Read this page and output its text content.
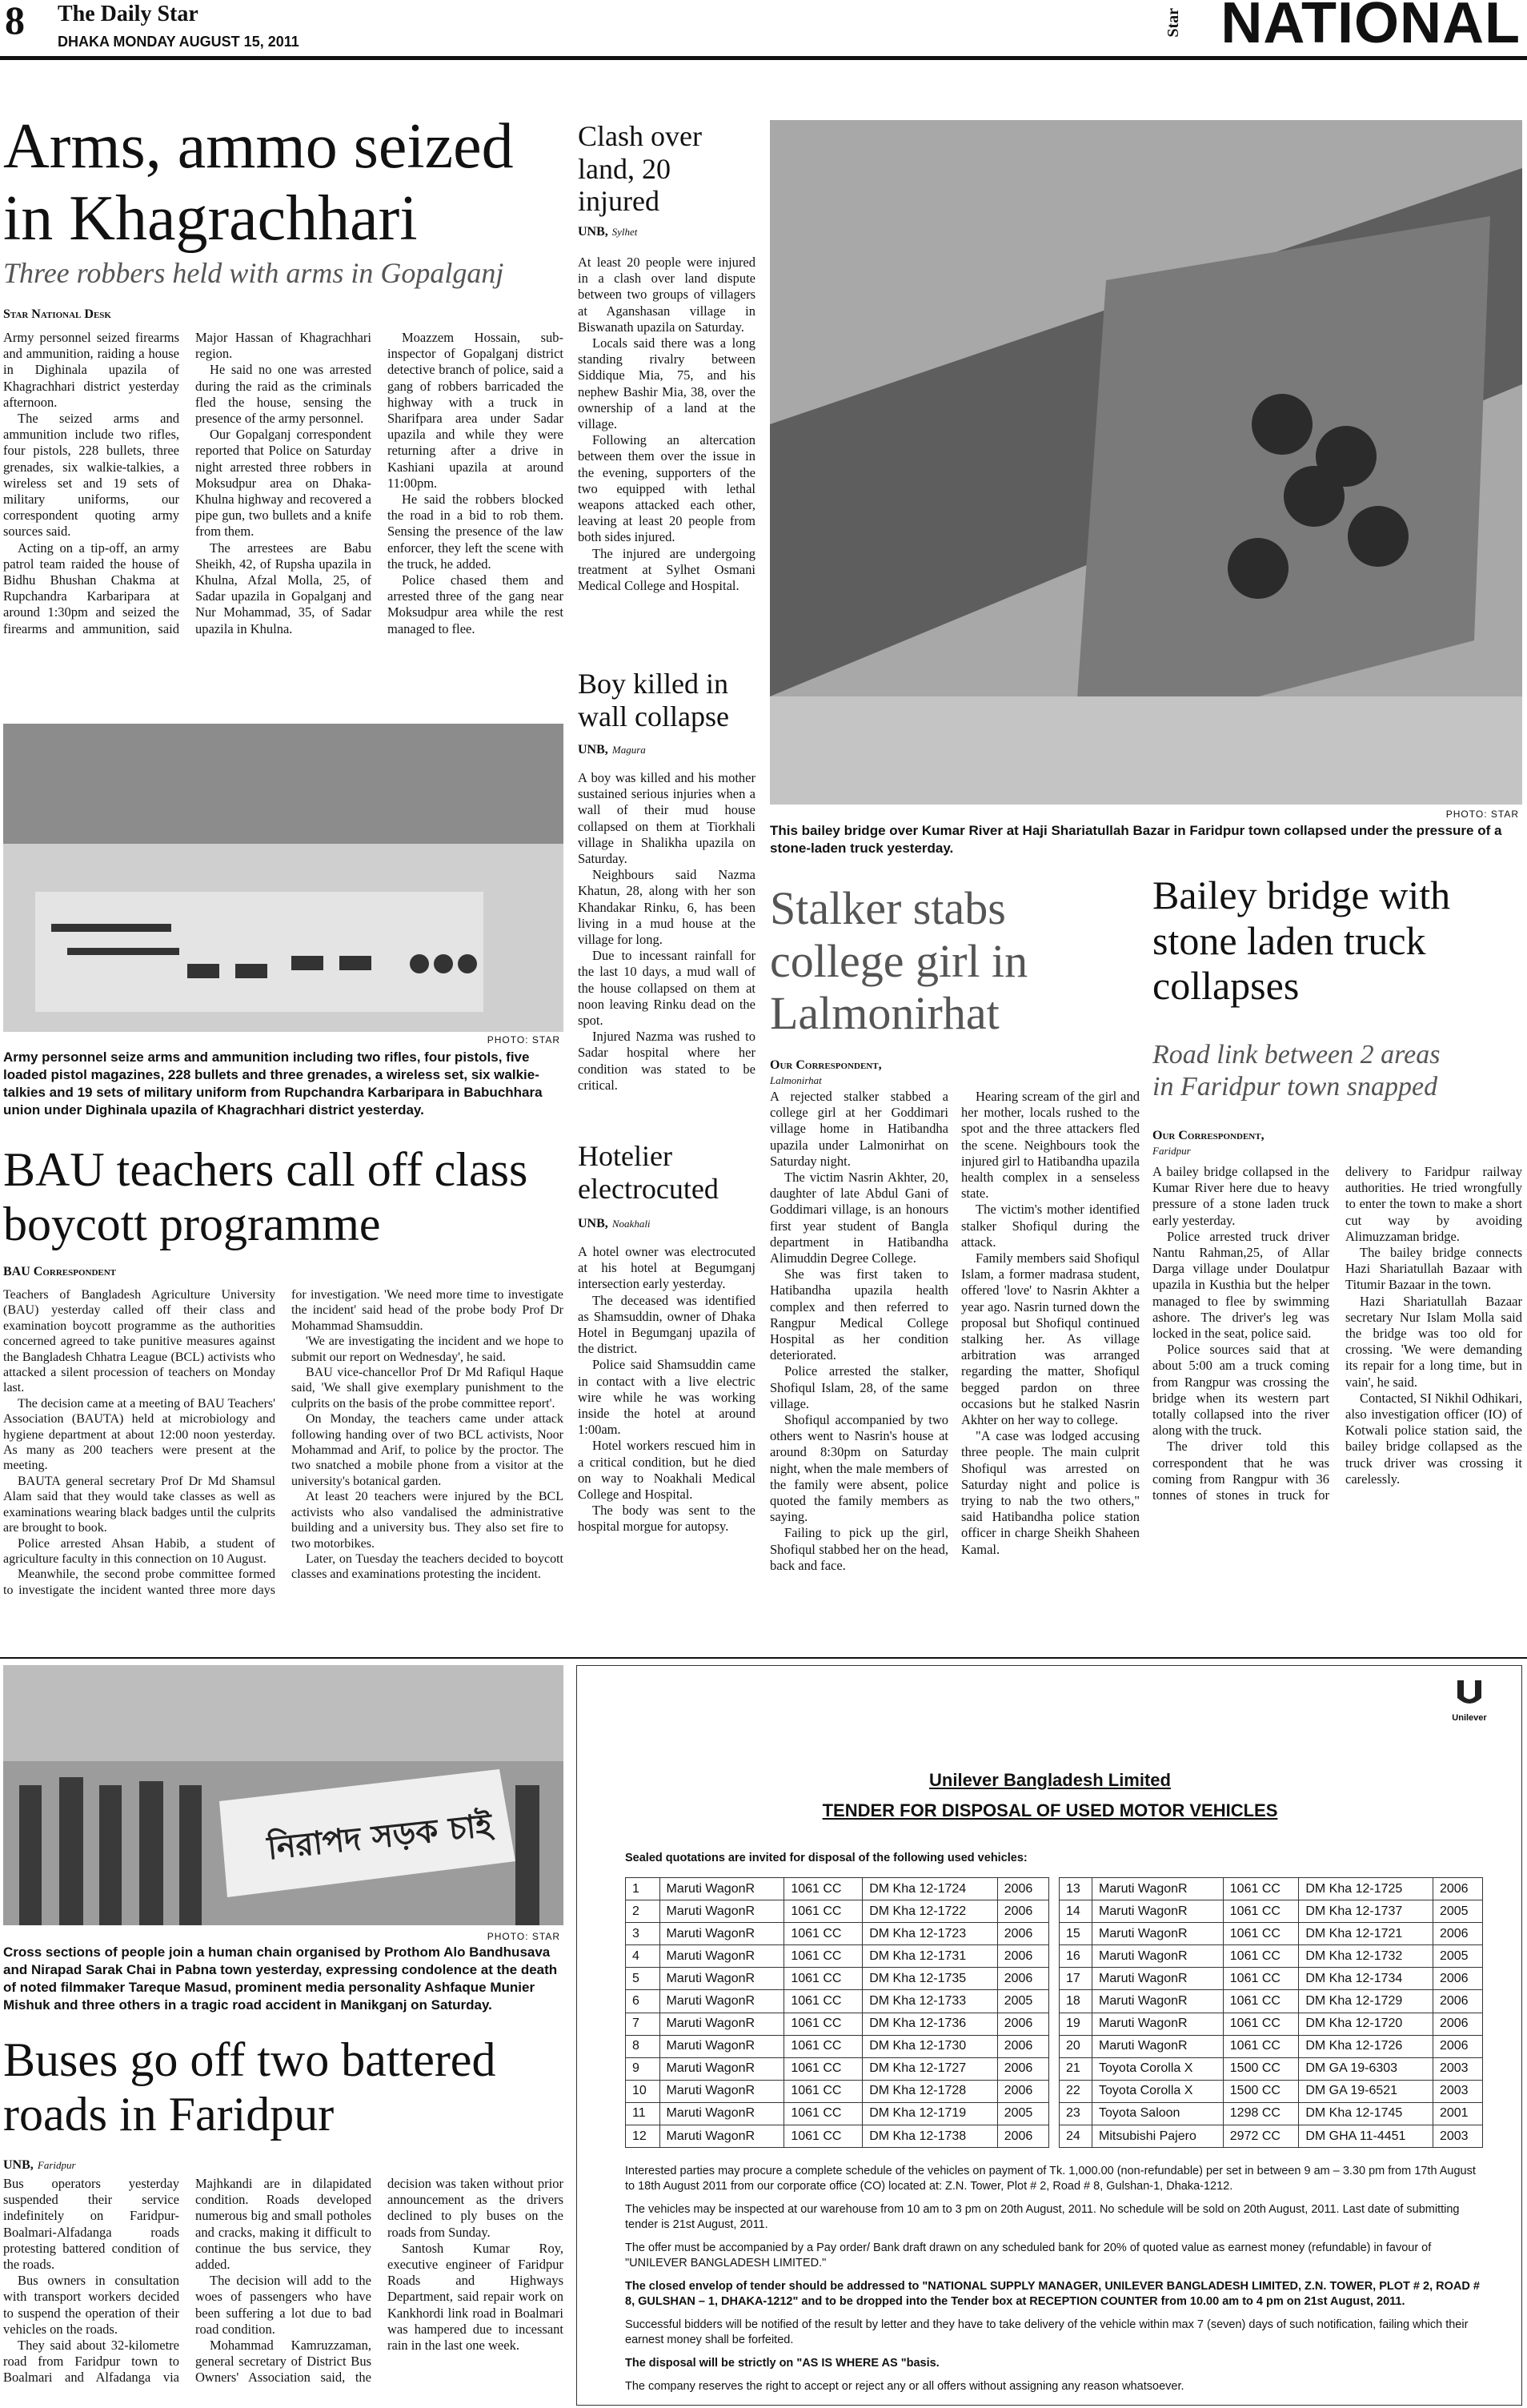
8 The Daily Star
DHAKA MONDAY AUGUST 15, 2011
Star NATIONAL
Arms, ammo seized
in Khagrachhari
Three robbers held with arms in Gopalganj
Star National Desk

Army personnel seized firearms and ammunition, raiding a house in Dighinala upazila of Khagrachhari district yesterday afternoon.

The seized arms and ammunition include two rifles, four pistols, 228 bullets, three grenades, six walkie-talkies, a wireless set and 19 sets of military uniforms, our correspondent quoting army sources said.

Acting on a tip-off, an army patrol team raided the house of Bidhu Bhushan Chakma at Rupchandra Karbaripara at around 1:30pm and seized the firearms and ammunition, said Major Hassan of Khagrachhari region.

He said no one was arrested during the raid as the criminals fled the house, sensing the presence of the army personnel.

Our Gopalganj correspondent reported that Police on Saturday night arrested three robbers in Moksudpur area on Dhaka-Khulna highway and recovered a pipe gun, two bullets and a knife from them.

The arrestees are Babu Sheikh, 42, of Rupsha upazila in Khulna, Afzal Molla, 25, of Sadar upazila in Gopalganj and Nur Mohammad, 35, of Sadar upazila in Khulna.

Moazzem Hossain, sub-inspector of Gopalganj district detective branch of police, said a gang of robbers barricaded the highway with a truck in Sharifpara area under Sadar upazila and while they were returning after a drive in Kashiani upazila at around 11:00pm.

He said the robbers blocked the road in a bid to rob them. Sensing the presence of the law enforcer, they left the scene with the truck, he added.

Police chased them and arrested three of the gang near Moksudpur area while the rest managed to flee.

PHOTO: STAR
Army personnel seize arms and ammunition including two rifles, four pistols, five loaded pistol magazines, 228 bullets and three grenades, a wireless set, six walkie-talkies and 19 sets of military uniform from Rupchandra Karbaripara in Babuchhara union under Dighinala upazila of Khagrachhari district yesterday.
Clash over land, 20 injured
UNB, Sylhet

At least 20 people were injured in a clash over land dispute between two groups of villagers at Aganshasan village in Biswanath upazila on Saturday.

Locals said there was a long standing rivalry between Siddique Mia, 75, and his nephew Bashir Mia, 38, over the ownership of a land at the village.

Following an altercation between them over the issue in the evening, supporters of the two equipped with lethal weapons attacked each other, leaving at least 20 people from both sides injured.

The injured are undergoing treatment at Sylhet Osmani Medical College and Hospital.

Boy killed in wall collapse
UNB, Magura

A boy was killed and his mother sustained serious injuries when a wall of their mud house collapsed on them at Tiorkhali village in Shalikha upazila on Saturday.

Neighbours said Nazma Khatun, 28, along with her son Khandakar Rinku, 6, has been living in a mud house at the village for long.

Due to incessant rainfall for the last 10 days, a mud wall of the house collapsed on them at noon leaving Rinku dead on the spot.

Injured Nazma was rushed to Sadar hospital where her condition was stated to be critical.

Hotelier electrocuted
UNB, Noakhali

A hotel owner was electrocuted at his hotel at Begumganj intersection early yesterday.

The deceased was identified as Shamsuddin, owner of Dhaka Hotel in Begumganj upazila of the district.

Police said Shamsuddin came in contact with a live electric wire while he was working inside the hotel at around 1:00am.

Hotel workers rescued him in a critical condition, but he died on way to Noakhali Medical College and Hospital.

The body was sent to the hospital morgue for autopsy.

PHOTO: STAR
This bailey bridge over Kumar River at Haji Shariatullah Bazar in Faridpur town collapsed under the pressure of a stone-laden truck yesterday.
Stalker stabs
college girl in
Lalmonirhat
Our Correspondent,
Lalmonirhat

A rejected stalker stabbed a college girl at her Goddimari village home in Hatibandha upazila under Lalmonirhat on Saturday night.

The victim Nasrin Akhter, 20, daughter of late Abdul Gani of Goddimari village, is an honours first year student of Bangla department in Hatibandha Alimuddin Degree College.

She was first taken to Hatibandha upazila health complex and then referred to Rangpur Medical College Hospital as her condition deteriorated.

Police arrested the stalker, Shofiqul Islam, 28, of the same village.

Shofiqul accompanied by two others went to Nasrin's house at around 8:30pm on Saturday night, when the male members of the family were absent, police quoted the family members as saying.

Failing to pick up the girl, Shofiqul stabbed her on the head, back and face.

Hearing scream of the girl and her mother, locals rushed to the spot and the three attackers fled the scene. Neighbours took the injured girl to Hatibandha upazila health complex in a senseless state.

The victim's mother identified stalker Shofiqul during the attack.

Family members said Shofiqul Islam, a former madrasa student, offered 'love' to Nasrin Akhter a year ago. Nasrin turned down the proposal but Shofiqul continued stalking her. As village arbitration was arranged regarding the matter, Shofiqul begged pardon on three occasions but he stalked Nasrin Akhter on her way to college.

"A case was lodged accusing three people. The main culprit Shofiqul was arrested on Saturday night and police is trying to nab the two others," said Hatibandha police station officer in charge Sheikh Shaheen Kamal.

Bailey bridge with
stone laden truck
collapses
Road link between 2 areas
in Faridpur town snapped
Our Correspondent,
Faridpur

A bailey bridge collapsed in the Kumar River here due to heavy pressure of a stone laden truck early yesterday.

Police arrested truck driver Nantu Rahman,25, of Allar Darga village under Doulatpur upazila in Kusthia but the helper managed to flee by swimming ashore. The driver's leg was locked in the seat, police said.

Police sources said that at about 5:00 am a truck coming from Rangpur was crossing the bridge when its western part totally collapsed into the river along with the truck.

The driver told this correspondent that he was coming from Rangpur with 36 tonnes of stones in truck for delivery to Faridpur railway authorities. He tried wrongfully to enter the town to make a short cut way by avoiding Alimuzzaman bridge.

The bailey bridge connects Hazi Shariatullah Bazaar with Titumir Bazaar in the town.

Hazi Shariatullah Bazaar secretary Nur Islam Molla said the bridge was too old for crossing. 'We were demanding its repair for a long time, but in vain', he said.

Contacted, SI Nikhil Odhikari, also investigation officer (IO) of Kotwali police station said, the bailey bridge collapsed as the truck driver was crossing it carelessly.

BAU teachers call off class
boycott programme
BAU Correspondent

Teachers of Bangladesh Agriculture University (BAU) yesterday called off their class and examination boycott programme as the authorities concerned agreed to take punitive measures against the Bangladesh Chhatra League (BCL) activists who attacked a silent procession of teachers on Monday last.

The decision came at a meeting of BAU Teachers' Association (BAUTA) held at microbiology and hygiene department at about 12:00 noon yesterday. As many as 200 teachers were present at the meeting.

BAUTA general secretary Prof Dr Md Shamsul Alam said that they would take classes as well as examinations wearing black badges until the culprits are brought to book.

Police arrested Ahsan Habib, a student of agriculture faculty in this connection on 10 August.

Meanwhile, the second probe committee formed to investigate the incident wanted three more days for investigation. 'We need more time to investigate the incident' said head of the probe body Prof Dr Mohammad Shamsuddin.

'We are investigating the incident and we hope to submit our report on Wednesday', he said.

BAU vice-chancellor Prof Dr Md Rafiqul Haque said, 'We shall give exemplary punishment to the culprits on the basis of the probe committee report'.

On Monday, the teachers came under attack following handing over of two BCL activists, Noor Mohammad and Arif, to police by the proctor. The two snatched a mobile phone from a visitor at the university's botanical garden.

At least 20 teachers were injured by the BCL activists who also vandalised the administrative building and a university bus. They also set fire to two motorbikes.

Later, on Tuesday the teachers decided to boycott classes and examinations protesting the incident.

নিরাপদ সড়ক চাই
PHOTO: STAR
Cross sections of people join a human chain organised by Prothom Alo Bandhusava and Nirapad Sarak Chai in Pabna town yesterday, expressing condolence at the death of noted filmmaker Tareque Masud, prominent media personality Ashfaque Munier Mishuk and three others in a tragic road accident in Manikganj on Saturday.
Buses go off two battered
roads in Faridpur
UNB, Faridpur

Bus operators yesterday suspended their service indefinitely on Faridpur-Boalmari-Alfadanga roads protesting battered condition of the roads.

Bus owners in consultation with transport workers decided to suspend the operation of their vehicles on the roads.

They said about 32-kilometre road from Faridpur town to Boalmari and Alfadanga via Majhkandi are in dilapidated condition. Roads developed numerous big and small potholes and cracks, making it difficult to continue the bus service, they added.

The decision will add to the woes of passengers who have been suffering a lot due to bad road condition.

Mohammad Kamruzzaman, general secretary of District Bus Owners' Association said, the decision was taken without prior announcement as the drivers declined to ply buses on the roads from Sunday.

Santosh Kumar Roy, executive engineer of Faridpur Roads and Highways Department, said repair work on Kankhordi link road in Boalmari was hampered due to incessant rain in the last one week.

Unilever
Unilever Bangladesh Limited
TENDER FOR DISPOSAL OF USED MOTOR VEHICLES
Sealed quotations are invited for disposal of the following used vehicles:
1	Maruti WagonR	1061 CC	DM Kha 12-1724	2006
2	Maruti WagonR	1061 CC	DM Kha 12-1722	2006
3	Maruti WagonR	1061 CC	DM Kha 12-1723	2006
4	Maruti WagonR	1061 CC	DM Kha 12-1731	2006
5	Maruti WagonR	1061 CC	DM Kha 12-1735	2006
6	Maruti WagonR	1061 CC	DM Kha 12-1733	2005
7	Maruti WagonR	1061 CC	DM Kha 12-1736	2006
8	Maruti WagonR	1061 CC	DM Kha 12-1730	2006
9	Maruti WagonR	1061 CC	DM Kha 12-1727	2006
10	Maruti WagonR	1061 CC	DM Kha 12-1728	2006
11	Maruti WagonR	1061 CC	DM Kha 12-1719	2005
12	Maruti WagonR	1061 CC	DM Kha 12-1738	2006
13	Maruti WagonR	1061 CC	DM Kha 12-1725	2006
14	Maruti WagonR	1061 CC	DM Kha 12-1737	2005
15	Maruti WagonR	1061 CC	DM Kha 12-1721	2006
16	Maruti WagonR	1061 CC	DM Kha 12-1732	2005
17	Maruti WagonR	1061 CC	DM Kha 12-1734	2006
18	Maruti WagonR	1061 CC	DM Kha 12-1729	2006
19	Maruti WagonR	1061 CC	DM Kha 12-1720	2006
20	Maruti WagonR	1061 CC	DM Kha 12-1726	2006
21	Toyota Corolla X	1500 CC	DM GA 19-6303	2003
22	Toyota Corolla X	1500 CC	DM GA 19-6521	2003
23	Toyota Saloon	1298 CC	DM Kha 12-1745	2001
24	Mitsubishi Pajero	2972 CC	DM GHA 11-4451	2003

Interested parties may procure a complete schedule of the vehicles on payment of Tk. 1,000.00 (non-refundable) per set in between 9 am – 3.30 pm from 17th August to 18th August 2011 from our corporate office (CO) located at: Z.N. Tower, Plot # 2, Road # 8, Gulshan-1, Dhaka-1212.

The vehicles may be inspected at our warehouse from 10 am to 3 pm on 20th August, 2011. No schedule will be sold on 20th August, 2011. Last date of submitting tender is 21st August, 2011.

The offer must be accompanied by a Pay order/ Bank draft drawn on any scheduled bank for 20% of quoted value as earnest money (refundable) in favour of "UNILEVER BANGLADESH LIMITED."

The closed envelop of tender should be addressed to "NATIONAL SUPPLY MANAGER, UNILEVER BANGLADESH LIMITED, Z.N. TOWER, PLOT # 2, ROAD # 8, GULSHAN – 1, DHAKA-1212" and to be dropped into the Tender box at RECEPTION COUNTER from 10.00 am to 4 pm on 21st August, 2011.

Successful bidders will be notified of the result by letter and they have to take delivery of the vehicle within max 7 (seven) days of such notification, failing which their earnest money shall be forfeited.

The disposal will be strictly on "AS IS WHERE AS "basis.

The company reserves the right to accept or reject any or all offers without assigning any reason whatsoever.
